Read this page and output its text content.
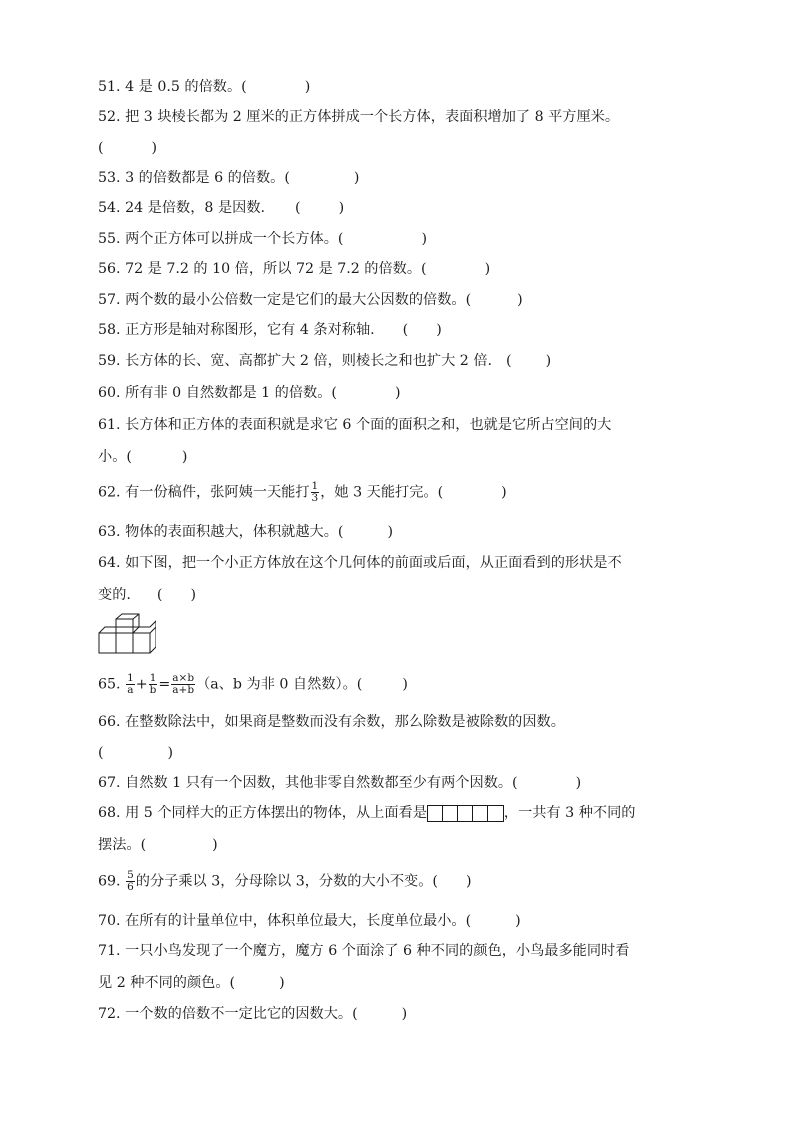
51. 4 是 0.5 的倍数。(	)
52. 把 3 块棱长都为 2 厘米的正方体拼成一个长方体，表面积增加了 8 平方厘米。
(	)
53. 3 的倍数都是 6 的倍数。(	)
54. 24 是倍数，8 是因数. (	)
55. 两个正方体可以拼成一个长方体。(	)
56. 72 是 7.2 的 10 倍，所以 72 是 7.2 的倍数。(	)
57. 两个数的最小公倍数一定是它们的最大公因数的倍数。(	)
58. 正方形是轴对称图形，它有 4 条对称轴. ( )
59. 长方体的长、宽、高都扩大 2 倍，则棱长之和也扩大 2 倍. ( )
60. 所有非 0 自然数都是 1 的倍数。(	)
61. 长方体和正方体的表面积就是求它 6 个面的面积之和，也就是它所占空间的大
小。(	)
62. 有一份稿件，张阿姨一天能打 $\frac{1}{3}$ ，她 3 天能打完。(	)
63. 物体的表面积越大，体积就越大。(	)
64. 如下图，把一个小正方体放在这个几何体的前面或后面，从正面看到的形状是不
变的. ( )
65. $\frac{1}{a} + \frac{1}{b} = \frac{a\times b}{a+b} (a$、b 为非 0 自然数）。(	)
66. 在整数除法中，如果商是整数而没有余数，那么除数是被除数的因数。
(	)
67. 自然数 1 只有一个因数，其他非零自然数都至少有两个因数。(	)
68. 用 5 个同样大的正方体摆出的物体，从上面看是	，一共有 3 种不同的
摆法。(	)
69. $\frac{5}{6}$ 的分子乘以 3，分母除以 3，分数的大小不变。( )
70. 在所有的计量单位中，体积单位最大，长度单位最小。(	)
71. 一只小鸟发现了一个魔方，魔方 6 个面涂了 6 种不同的颜色，小鸟最多能同时看
见 2 种不同的颜色。(	)
72. 一个数的倍数不一定比它的因数大。(	)
